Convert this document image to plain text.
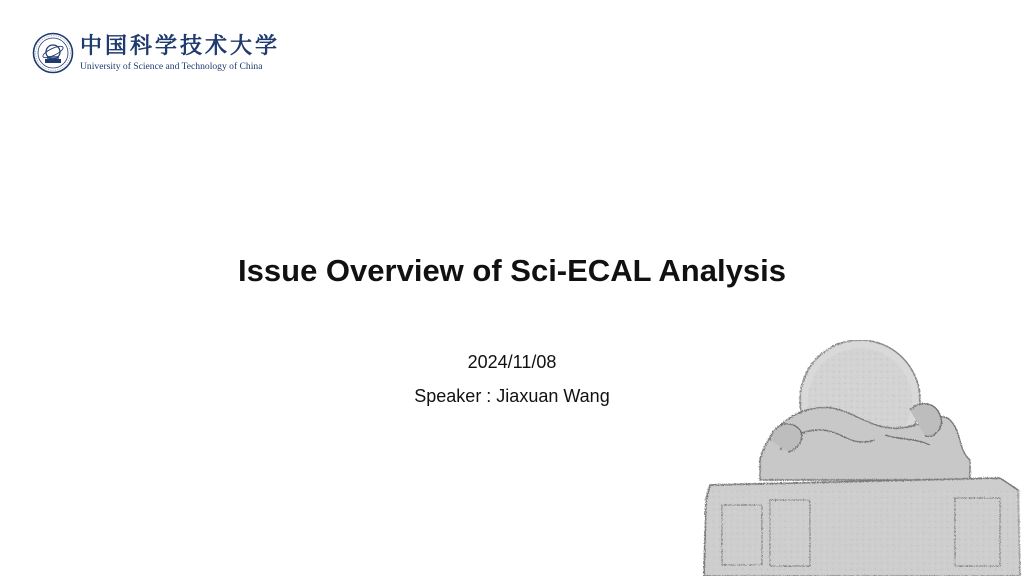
中国科学技术大学
University of Science and Technology of China
Issue Overview of Sci-ECAL Analysis
2024/11/08
Speaker : Jiaxuan Wang
